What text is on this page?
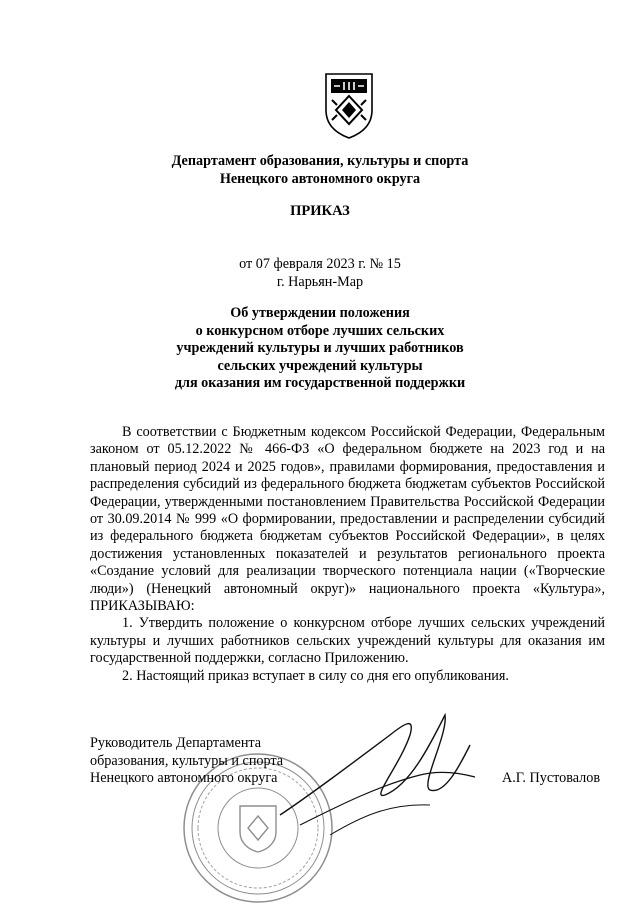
Департамент образования, культуры и спорта
Ненецкого автономного округа
ПРИКАЗ
от 07 февраля 2023 г. № 15
г. Нарьян-Мар
Об утверждении положения
о конкурсном отборе лучших сельских
учреждений культуры и лучших работников
сельских учреждений культуры
для оказания им государственной поддержки

В соответствии с Бюджетным кодексом Российской Федерации, Федеральным законом от 05.12.2022 № 466-ФЗ «О федеральном бюджете на 2023 год и на плановый период 2024 и 2025 годов», правилами формирования, предоставления и распределения субсидий из федерального бюджета бюджетам субъектов Российской Федерации, утвержденными постановлением Правительства Российской Федерации от 30.09.2014 № 999 «О формировании, предоставлении и распределении субсидий из федерального бюджета бюджетам субъектов Российской Федерации», в целях достижения установленных показателей и результатов регионального проекта «Создание условий для реализации творческого потенциала нации («Творческие люди») (Ненецкий автономный округ)» национального проекта «Культура», ПРИКАЗЫВАЮ:

1. Утвердить положение о конкурсном отборе лучших сельских учреждений культуры и лучших работников сельских учреждений культуры для оказания им государственной поддержки, согласно Приложению.

2. Настоящий приказ вступает в силу со дня его опубликования.

Руководитель Департамента
образования, культуры и спорта
Ненецкого автономного округа	А.Г. Пустовалов
